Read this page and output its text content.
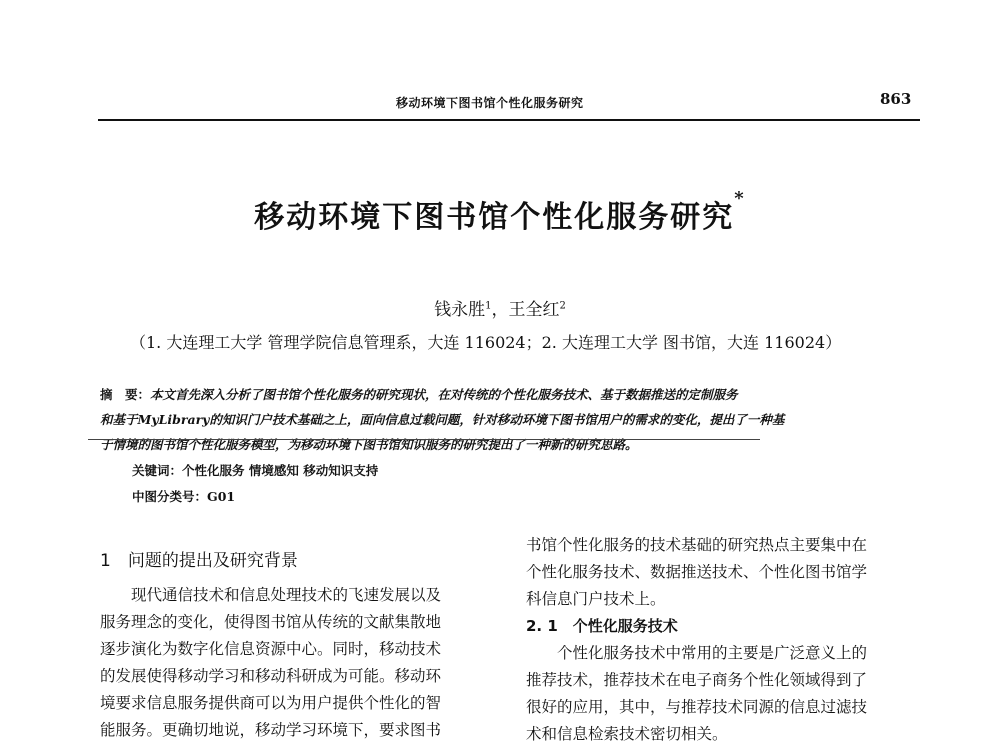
移动环境下图书馆个性化服务研究	863
移动环境下图书馆个性化服务研究*
钱永胜$^1$，王全红$^2$
（1. 大连理工大学 管理学院信息管理系，大连 116024；2. 大连理工大学 图书馆，大连 116024）
摘　要：本文首先深入分析了图书馆个性化服务的研究现状，在对传统的个性化服务技术、基于数据推送的定制服务
和基于MyLibrary的知识门户技术基础之上，面向信息过载问题，针对移动环境下图书馆用户的需求的变化，提出了一种基
于情境的图书馆个性化服务模型，为移动环境下图书馆知识服务的研究提出了一种新的研究思路。
关键词：个性化服务 情境感知 移动知识支持
中图分类号：G01
1　问题的提出及研究背景
　　现代通信技术和信息处理技术的飞速发展以及
服务理念的变化，使得图书馆从传统的文献集散地
逐步演化为数字化信息资源中心。同时，移动技术
的发展使得移动学习和移动科研成为可能。移动环
境要求信息服务提供商可以为用户提供个性化的智
能服务。更确切地说，移动学习环境下，要求图书
书馆个性化服务的技术基础的研究热点主要集中在
个性化服务技术、数据推送技术、个性化图书馆学
科信息门户技术上。
2. 1　个性化服务技术
　　个性化服务技术中常用的主要是广泛意义上的
推荐技术，推荐技术在电子商务个性化领域得到了
很好的应用，其中，与推荐技术同源的信息过滤技
术和信息检索技术密切相关。
